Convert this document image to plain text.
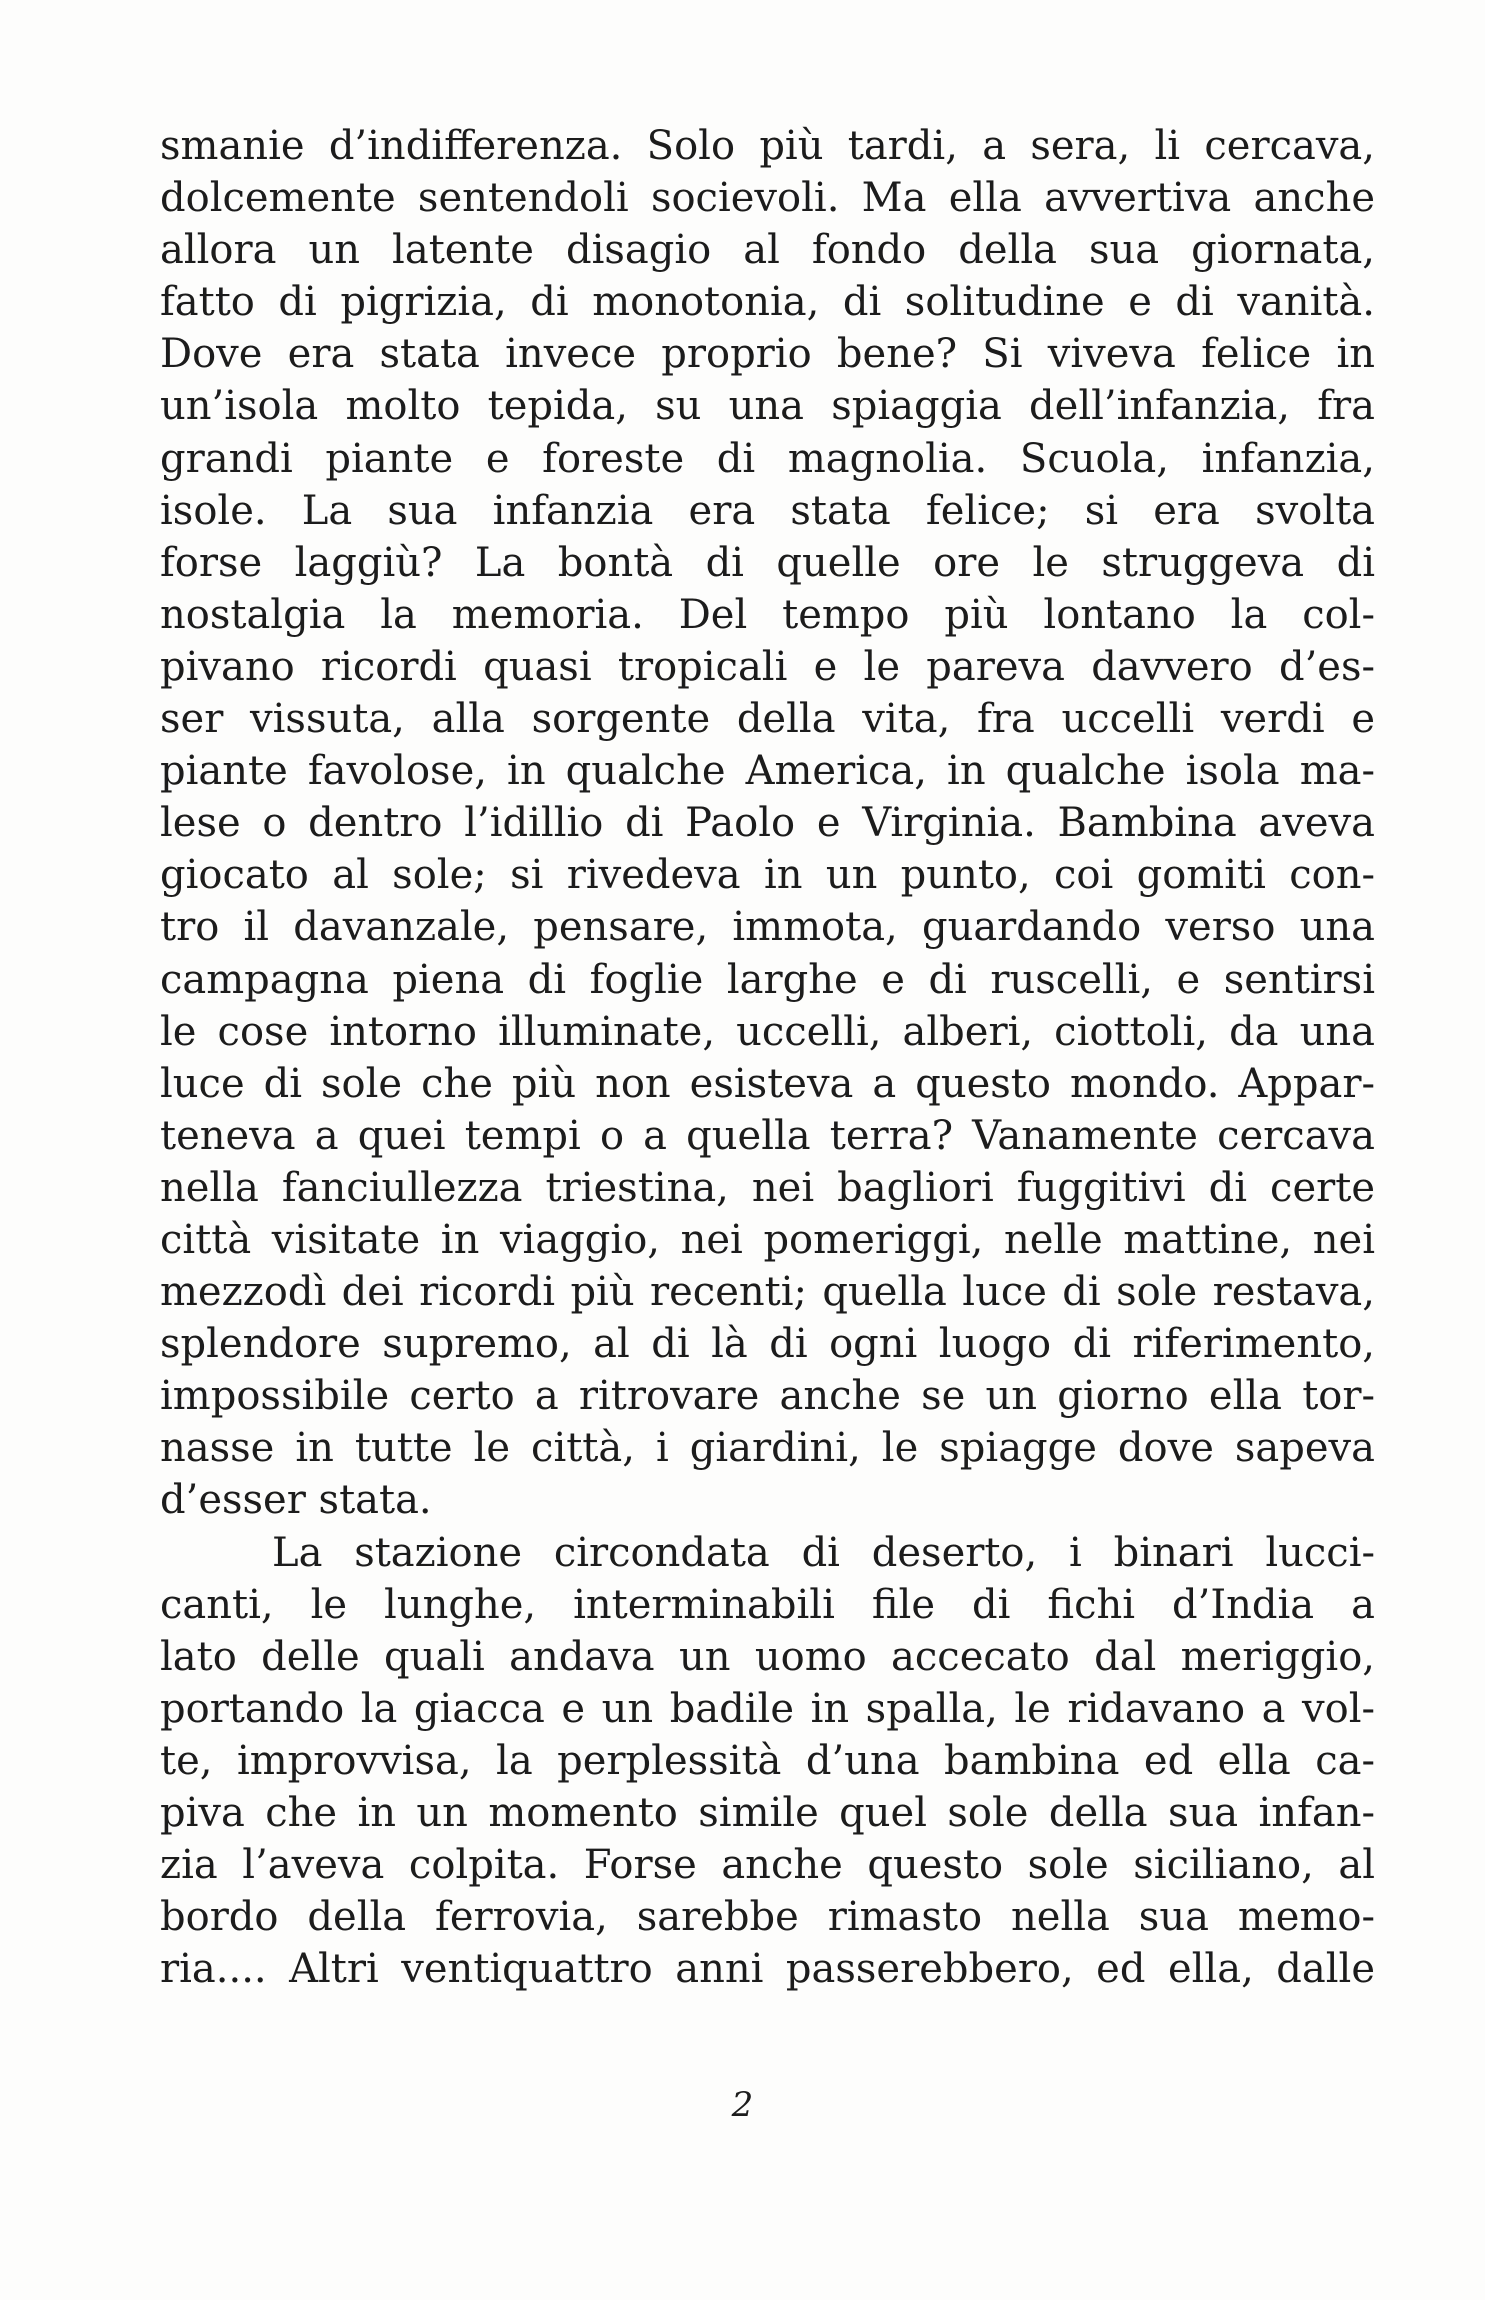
smanie d’indifferenza. Solo più tardi, a sera, li cercava,
dolcemente sentendoli socievoli. Ma ella avvertiva anche
allora un latente disagio al fondo della sua giornata,
fatto di pigrizia, di monotonia, di solitudine e di vanità.
Dove era stata invece proprio bene? Si viveva felice in
un’isola molto tepida, su una spiaggia dell’infanzia, fra
grandi piante e foreste di magnolia. Scuola, infanzia,
isole. La sua infanzia era stata felice; si era svolta
forse laggiù? La bontà di quelle ore le struggeva di
nostalgia la memoria. Del tempo più lontano la col-
pivano ricordi quasi tropicali e le pareva davvero d’es-
ser vissuta, alla sorgente della vita, fra uccelli verdi e
piante favolose, in qualche America, in qualche isola ma-
lese o dentro l’idillio di Paolo e Virginia. Bambina aveva
giocato al sole; si rivedeva in un punto, coi gomiti con-
tro il davanzale, pensare, immota, guardando verso una
campagna piena di foglie larghe e di ruscelli, e sentirsi
le cose intorno illuminate, uccelli, alberi, ciottoli, da una
luce di sole che più non esisteva a questo mondo. Appar-
teneva a quei tempi o a quella terra? Vanamente cercava
nella fanciullezza triestina, nei bagliori fuggitivi di certe
città visitate in viaggio, nei pomeriggi, nelle mattine, nei
mezzodì dei ricordi più recenti; quella luce di sole restava,
splendore supremo, al di là di ogni luogo di riferimento,
impossibile certo a ritrovare anche se un giorno ella tor-
nasse in tutte le città, i giardini, le spiagge dove sapeva
d’esser stata.
La stazione circondata di deserto, i binari lucci-
canti, le lunghe, interminabili file di fichi d’India a
lato delle quali andava un uomo accecato dal meriggio,
portando la giacca e un badile in spalla, le ridavano a vol-
te, improvvisa, la perplessità d’una bambina ed ella ca-
piva che in un momento simile quel sole della sua infan-
zia l’aveva colpita. Forse anche questo sole siciliano, al
bordo della ferrovia, sarebbe rimasto nella sua memo-
ria.... Altri ventiquattro anni passerebbero, ed ella, dalle
2
